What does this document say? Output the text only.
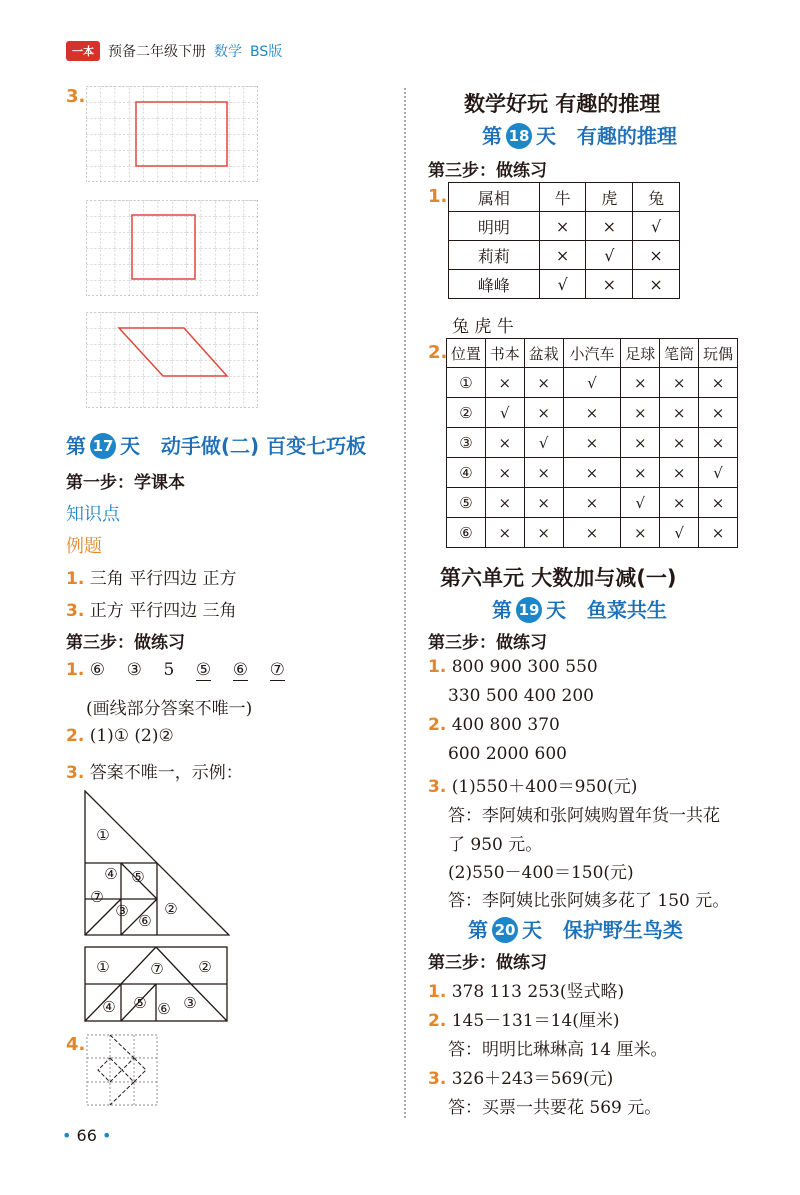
一本	预备二年级下册 数学 BS版
3.
第 17 天 动手做(二) 百变七巧板
第一步：学课本
知识点
例题
1. 三角 平行四边 正方
3. 正方 平行四边 三角
第三步：做练习
1. ⑥ ③ 5 ⑤ ⑥ ⑦
(画线部分答案不唯一)
2. (1)① (2)②
3. 答案不唯一，示例：
①
④ ⑤
⑦
③
⑥
②
①	⑦ ②
④ ⑤ ⑥ ③
4.
• 66 •
数学好玩 有趣的推理
第 18 天 有趣的推理
第三步：做练习
1. 属相	牛	虎	兔
明明	×	×	√
莉莉	×	√	×
峰峰	√	×	×
兔 虎 牛
2. 位置	书本	盆栽	小汽车	足球	笔筒	玩偶
①	×	×	√	×	×	×
②	√	×	×	×	×	×
③	×	√	×	×	×	×
④	×	×	×	×	×	√
⑤	×	×	×	√	×	×
⑥	×	×	×	×	√	×
第六单元 大数加与减(一)
第 19 天 鱼菜共生
第三步：做练习
1. 800 900 300 550
330 500 400 200
2. 400 800 370
600 2000 600
3. (1)550＋400＝950(元)
答：李阿姨和张阿姨购置年货一共花
了 950 元。
(2)550－400＝150(元)
答：李阿姨比张阿姨多花了 150 元。
第 20 天 保护野生鸟类
第三步：做练习
1. 378 113 253(竖式略)
2. 145－131＝14(厘米)
答：明明比琳琳高 14 厘米。
3. 326＋243＝569(元)
答：买票一共要花 569 元。
